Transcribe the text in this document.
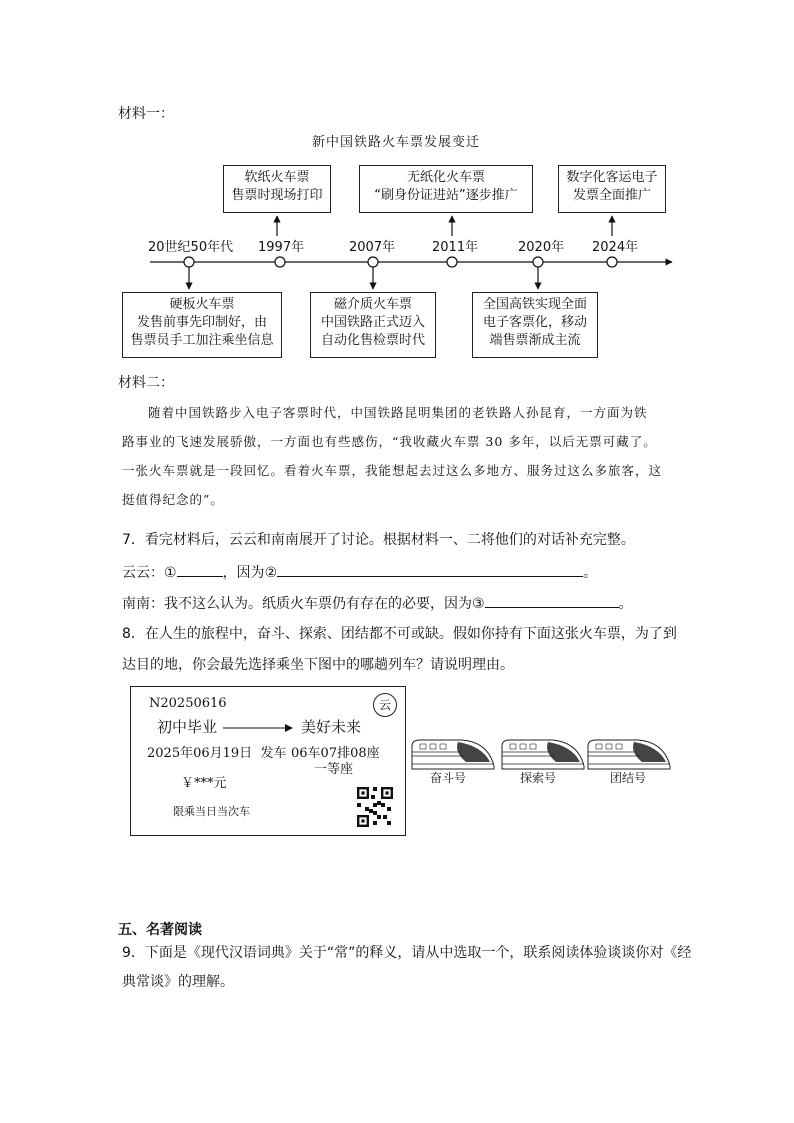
材料一：
新中国铁路火车票发展变迁
软纸火车票
售票时现场打印
无纸化火车票
“刷身份证进站”逐步推广
数字化客运电子
发票全面推广
20世纪50年代 1997年	2007年	2011年	2020年 2024年
硬板火车票
发售前事先印制好，由
售票员手工加注乘坐信息
磁介质火车票
中国铁路正式迈入
自动化售检票时代
全国高铁实现全面
电子客票化，移动
端售票渐成主流
材料二：
随着中国铁路步入电子客票时代，中国铁路昆明集团的老铁路人孙昆育，一方面为铁
路事业的飞速发展骄傲，一方面也有些感伤，“我收藏火车票 30 多年，以后无票可藏了。
一张火车票就是一段回忆。看着火车票，我能想起去过这么多地方、服务过这么多旅客，这
挺值得纪念的”。
7．看完材料后，云云和南南展开了讨论。根据材料一、二将他们的对话补充完整。
云云：①	，因为②	。
南南：我不这么认为。纸质火车票仍有存在的必要，因为③	。
8．在人生的旅程中，奋斗、探索、团结都不可或缺。假如你持有下面这张火车票，为了到
达目的地，你会最先选择乘坐下图中的哪趟列车？请说明理由。
N20250616	云
初中毕业	美好未来
2025年06月19日 发车 06车07排08座
一等座
￥***元
限乘当日当次车
奋斗号	探索号	团结号
五、名著阅读
9．下面是《现代汉语词典》关于“常”的释义，请从中选取一个，联系阅读体验谈谈你对《经
典常谈》的理解。
